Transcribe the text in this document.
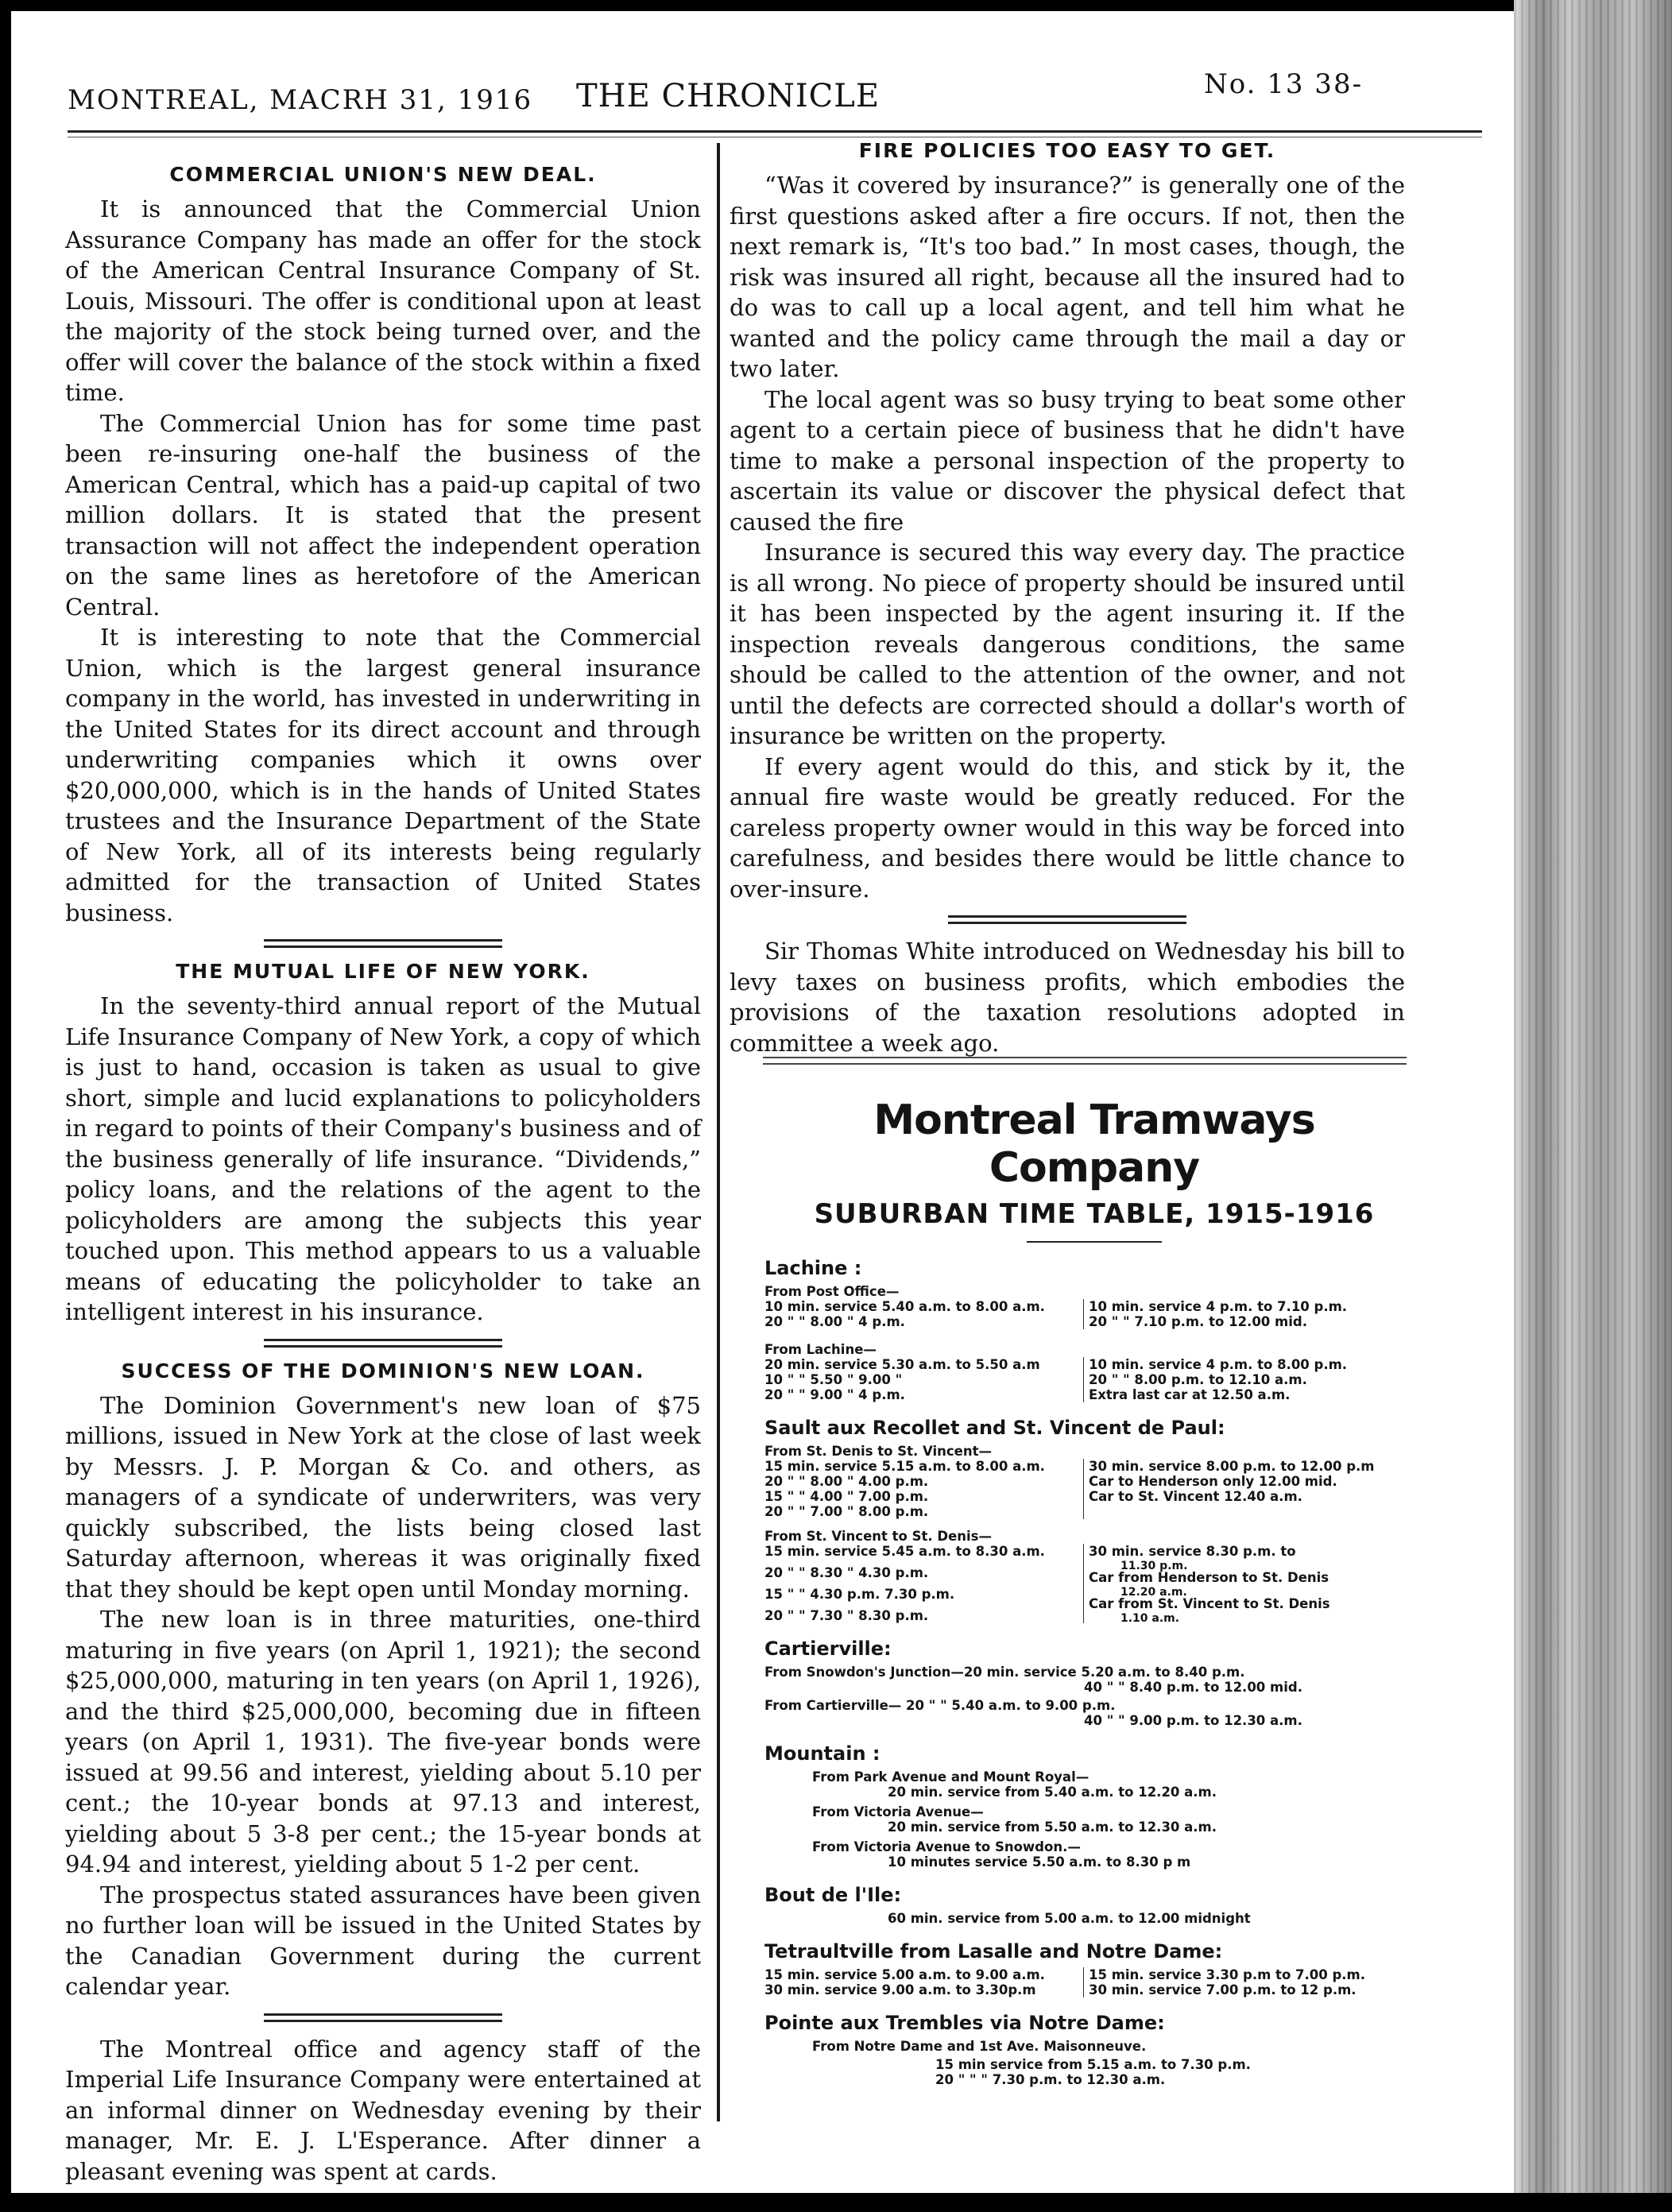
MONTREAL, MACRH 31, 1916 THE CHRONICLE	No. 13 38-
COMMERCIAL UNION'S NEW DEAL.

It is announced that the Commercial Union Assurance Company has made an offer for the stock of the American Central Insurance Company of St. Louis, Missouri. The offer is conditional upon at least the majority of the stock being turned over, and the offer will cover the balance of the stock within a fixed time.

The Commercial Union has for some time past been re-insuring one-half the business of the American Central, which has a paid-up capital of two million dollars. It is stated that the present transaction will not affect the independent operation on the same lines as heretofore of the American Central.

It is interesting to note that the Commercial Union, which is the largest general insurance company in the world, has invested in underwriting in the United States for its direct account and through underwriting companies which it owns over $20,000,000, which is in the hands of United States trustees and the Insurance Department of the State of New York, all of its interests being regularly admitted for the transaction of United States business.

THE MUTUAL LIFE OF NEW YORK.

In the seventy-third annual report of the Mutual Life Insurance Company of New York, a copy of which is just to hand, occasion is taken as usual to give short, simple and lucid explanations to policyholders in regard to points of their Company's business and of the business generally of life insurance. “Dividends,” policy loans, and the relations of the agent to the policyholders are among the subjects this year touched upon. This method appears to us a valuable means of educating the policyholder to take an intelligent interest in his insurance.

SUCCESS OF THE DOMINION'S NEW LOAN.

The Dominion Government's new loan of $75 millions, issued in New York at the close of last week by Messrs. J. P. Morgan & Co. and others, as managers of a syndicate of underwriters, was very quickly subscribed, the lists being closed last Saturday afternoon, whereas it was originally fixed that they should be kept open until Monday morning.

The new loan is in three maturities, one-third maturing in five years (on April 1, 1921); the second $25,000,000, maturing in ten years (on April 1, 1926), and the third $25,000,000, becoming due in fifteen years (on April 1, 1931). The five-year bonds were issued at 99.56 and interest, yielding about 5.10 per cent.; the 10-year bonds at 97.13 and interest, yielding about 5 3-8 per cent.; the 15-year bonds at 94.94 and interest, yielding about 5 1-2 per cent.

The prospectus stated assurances have been given no further loan will be issued in the United States by the Canadian Government during the current calendar year.

The Montreal office and agency staff of the Imperial Life Insurance Company were entertained at an informal dinner on Wednesday evening by their manager, Mr. E. J. L'Esperance. After dinner a pleasant evening was spent at cards.

FIRE POLICIES TOO EASY TO GET.

“Was it covered by insurance?” is generally one of the first questions asked after a fire occurs. If not, then the next remark is, “It's too bad.” In most cases, though, the risk was insured all right, because all the insured had to do was to call up a local agent, and tell him what he wanted and the policy came through the mail a day or two later.

The local agent was so busy trying to beat some other agent to a certain piece of business that he didn't have time to make a personal inspection of the property to ascertain its value or discover the physical defect that caused the fire

Insurance is secured this way every day. The practice is all wrong. No piece of property should be insured until it has been inspected by the agent insuring it. If the inspection reveals dangerous conditions, the same should be called to the attention of the owner, and not until the defects are corrected should a dollar's worth of insurance be written on the property.

If every agent would do this, and stick by it, the annual fire waste would be greatly reduced. For the careless property owner would in this way be forced into carefulness, and besides there would be little chance to over-insure.

Sir Thomas White introduced on Wednesday his bill to levy taxes on business profits, which embodies the provisions of the taxation resolutions adopted in committee a week ago.

Montreal Tramways Company
SUBURBAN TIME TABLE, 1915-1916
Lachine :
From Post Office—
10 min. service 5.40 a.m. to 8.00 a.m.
20 " " 8.00 " 4 p.m.
10 min. service 4 p.m. to 7.10 p.m.
20 " " 7.10 p.m. to 12.00 mid.
From Lachine—
20 min. service 5.30 a.m. to 5.50 a.m
10 " " 5.50 " 9.00 "
20 " " 9.00 " 4 p.m.
10 min. service 4 p.m. to 8.00 p.m.
20 " " 8.00 p.m. to 12.10 a.m.
Extra last car at 12.50 a.m.
Sault aux Recollet and St. Vincent de Paul:
From St. Denis to St. Vincent—
15 min. service 5.15 a.m. to 8.00 a.m.
20 " " 8.00 " 4.00 p.m.
15 " " 4.00 " 7.00 p.m.
20 " " 7.00 " 8.00 p.m.
30 min. service 8.00 p.m. to 12.00 p.m
Car to Henderson only 12.00 mid.
Car to St. Vincent 12.40 a.m.
From St. Vincent to St. Denis—
15 min. service 5.45 a.m. to 8.30 a.m.
20 " " 8.30 " 4.30 p.m.
15 " " 4.30 p.m. 7.30 p.m.
20 " " 7.30 " 8.30 p.m.
30 min. service 8.30 p.m. to
11.30 p.m.
Car from Henderson to St. Denis
12.20 a.m.
Car from St. Vincent to St. Denis
1.10 a.m.
Cartierville:
From Snowdon's Junction—20 min. service 5.20 a.m. to 8.40 p.m.
40 " " 8.40 p.m. to 12.00 mid.
From Cartierville— 20 " " 5.40 a.m. to 9.00 p.m.
40 " " 9.00 p.m. to 12.30 a.m.
Mountain :
From Park Avenue and Mount Royal—
20 min. service from 5.40 a.m. to 12.20 a.m.
From Victoria Avenue—
20 min. service from 5.50 a.m. to 12.30 a.m.
From Victoria Avenue to Snowdon.—
10 minutes service 5.50 a.m. to 8.30 p m
Bout de l'Ile:
60 min. service from 5.00 a.m. to 12.00 midnight
Tetraultville from Lasalle and Notre Dame:
15 min. service 5.00 a.m. to 9.00 a.m.
30 min. service 9.00 a.m. to 3.30p.m
15 min. service 3.30 p.m to 7.00 p.m.
30 min. service 7.00 p.m. to 12 p.m.
Pointe aux Trembles via Notre Dame:
From Notre Dame and 1st Ave. Maisonneuve.
15 min service from 5.15 a.m. to 7.30 p.m.
20 " " " 7.30 p.m. to 12.30 a.m.
